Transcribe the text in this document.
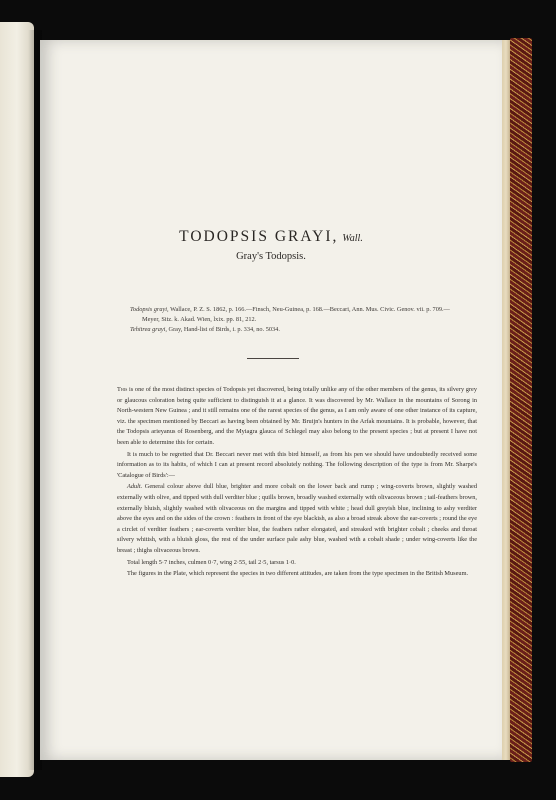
TODOPSIS GRAYI, Wall.
Gray's Todopsis.

Todopsis grayi, Wallace, P. Z. S. 1862, p. 166.—Finsch, Neu-Guinea, p. 168.—Beccari, Ann. Mus. Civic. Genov. vii. p. 709.—Meyer, Sitz. k. Akad. Wien, lxix. pp. 81, 212.

Tehitrea grayi, Gray, Hand-list of Birds, i. p. 334, no. 5034.

This is one of the most distinct species of Todopsis yet discovered, being totally unlike any of the other members of the genus, its silvery grey or glaucous coloration being quite sufficient to distinguish it at a glance. It was discovered by Mr. Wallace in the mountains of Sorong in North-western New Guinea ; and it still remains one of the rarest species of the genus, as I am only aware of one other instance of its capture, viz. the specimen mentioned by Beccari as having been obtained by Mr. Bruijn's hunters in the Arfak mountains. It is probable, however, that the Todopsis arieyanus of Rosenberg, and the Myiagra glauca of Schlegel may also belong to the present species ; but at present I have not been able to determine this for certain.

It is much to be regretted that Dr. Beccari never met with this bird himself, as from his pen we should have undoubtedly received some information as to its habits, of which I can at present record absolutely nothing. The following description of the type is from Mr. Sharpe's 'Catalogue of Birds':—

Adult. General colour above dull blue, brighter and more cobalt on the lower back and rump ; wing-coverts brown, slightly washed externally with olive, and tipped with dull verditer blue ; quills brown, broadly washed externally with olivaceous brown ; tail-feathers brown, externally bluish, slightly washed with olivaceous on the margins and tipped with white ; head dull greyish blue, inclining to ashy verditer above the eyes and on the sides of the crown : feathers in front of the eye blackish, as also a broad streak above the ear-coverts ; round the eye a circlet of verditer feathers ; ear-coverts verditer blue, the feathers rather elongated, and streaked with brighter cobalt ; cheeks and throat silvery whitish, with a bluish gloss, the rest of the under surface pale ashy blue, washed with a cobalt shade ; under wing-coverts like the breast ; thighs olivaceous brown.

Total length 5·7 inches, culmen 0·7, wing 2·55, tail 2·5, tarsus 1·0.

The figures in the Plate, which represent the species in two different attitudes, are taken from the type specimen in the British Museum.
